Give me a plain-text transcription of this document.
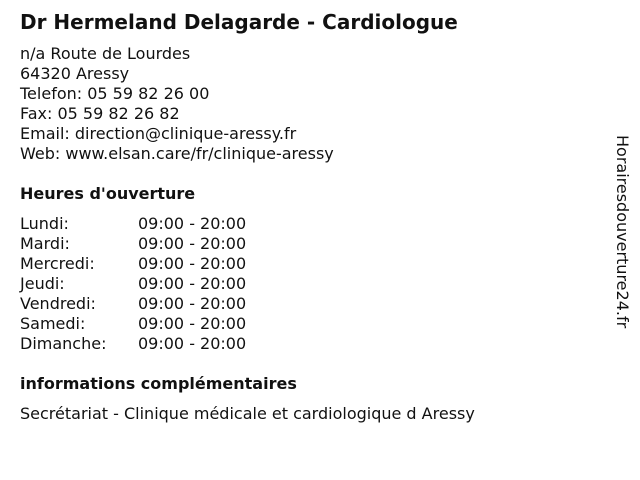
Dr Hermeland Delagarde - Cardiologue
n/a Route de Lourdes
64320 Aressy
Telefon: 05 59 82 26 00
Fax: 05 59 82 26 82
Email: direction@clinique-aressy.fr
Web: www.elsan.care/fr/clinique-aressy
Heures d'ouverture
Lundi:	09:00 - 20:00
Mardi:	09:00 - 20:00
Mercredi:	09:00 - 20:00
Jeudi:	09:00 - 20:00
Vendredi:	09:00 - 20:00
Samedi:	09:00 - 20:00
Dimanche: 09:00 - 20:00
informations complémentaires
Secrétariat - Clinique médicale et cardiologique d Aressy
Horairesdouverture24.fr
